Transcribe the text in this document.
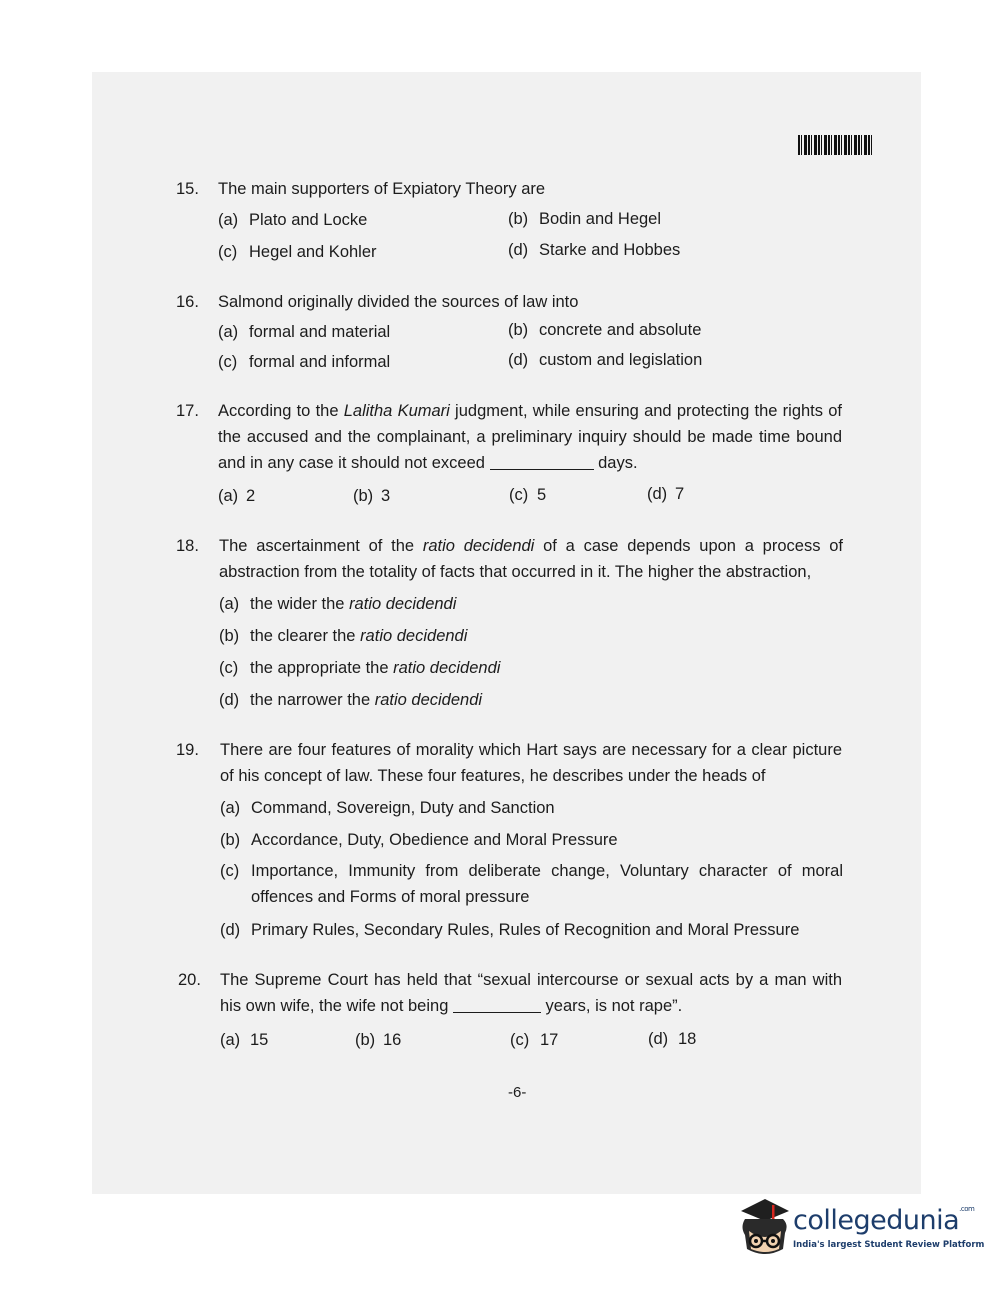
15. The main supporters of Expiatory Theory are
(a) Plato and Locke	(b) Bodin and Hegel
(c) Hegel and Kohler	(d) Starke and Hobbes
16. Salmond originally divided the sources of law into
(a) formal and material	(b) concrete and absolute
(c) formal and informal	(d) custom and legislation
17. According to the Lalitha Kumari judgment, while ensuring and protecting the rights of the accused and the complainant, a preliminary inquiry should be made time bound and in any case it should not exceed	days.
(a) 2	(b) 3	(c) 5	(d) 7
18. The ascertainment of the ratio decidendi of a case depends upon a process of abstraction from the totality of facts that occurred in it. The higher the abstraction,
(a) the wider the ratio decidendi
(b) the clearer the ratio decidendi
(c) the appropriate the ratio decidendi
(d) the narrower the ratio decidendi
19. There are four features of morality which Hart says are necessary for a clear picture of his concept of law. These four features, he describes under the heads of
(a) Command, Sovereign, Duty and Sanction
(b) Accordance, Duty, Obedience and Moral Pressure
(c) Importance, Immunity from deliberate change, Voluntary character of moral offences and Forms of moral pressure
(d) Primary Rules, Secondary Rules, Rules of Recognition and Moral Pressure
20. The Supreme Court has held that “sexual intercourse or sexual acts by a man with his own wife, the wife not being	years, is not rape”.
(a) 15	(b) 16	(c) 17	(d) 18
-6-
collegedunia$^{.com}$
India's largest Student Review Platform
